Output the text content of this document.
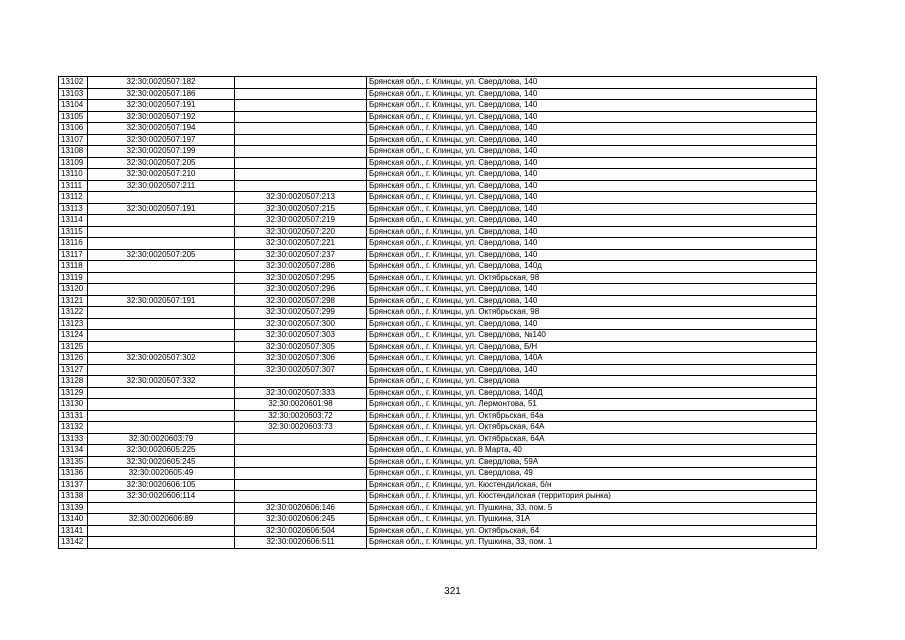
13102	32:30:0020507:182		Брянская обл., г. Клинцы, ул. Свердлова, 140
13103	32:30:0020507:186		Брянская обл., г. Клинцы, ул. Свердлова, 140
13104	32:30:0020507:191		Брянская обл., г. Клинцы, ул. Свердлова, 140
13105	32:30:0020507:192		Брянская обл., г. Клинцы, ул. Свердлова, 140
13106	32:30:0020507:194		Брянская обл., г. Клинцы, ул. Свердлова, 140
13107	32:30:0020507:197		Брянская обл., г. Клинцы, ул. Свердлова, 140
13108	32:30:0020507:199		Брянская обл., г. Клинцы, ул. Свердлова, 140
13109	32:30:0020507:205		Брянская обл., г. Клинцы, ул. Свердлова, 140
13110	32:30:0020507:210		Брянская обл., г. Клинцы, ул. Свердлова, 140
13111	32:30:0020507:211		Брянская обл., г. Клинцы, ул. Свердлова, 140
13112		32:30:0020507:213	Брянская обл., г. Клинцы, ул. Свердлова, 140
13113	32:30:0020507:191	32:30:0020507:215	Брянская обл., г. Клинцы, ул. Свердлова, 140
13114		32:30:0020507:219	Брянская обл., г. Клинцы, ул. Свердлова, 140
13115		32:30:0020507:220	Брянская обл., г. Клинцы, ул. Свердлова, 140
13116		32:30:0020507:221	Брянская обл., г. Клинцы, ул. Свердлова, 140
13117	32:30:0020507:205	32:30:0020507:237	Брянская обл., г. Клинцы, ул. Свердлова, 140
13118		32:30:0020507:286	Брянская обл., г. Клинцы, ул. Свердлова, 140д
13119		32:30:0020507:295	Брянская обл., г. Клинцы, ул. Октябрьская, 98
13120		32:30:0020507:296	Брянская обл., г. Клинцы, ул. Свердлова, 140
13121	32:30:0020507:191	32:30:0020507:298	Брянская обл., г. Клинцы, ул. Свердлова, 140
13122		32:30:0020507:299	Брянская обл., г. Клинцы, ул. Октябрьская, 98
13123		32:30:0020507:300	Брянская обл., г. Клинцы, ул. Свердлова, 140
13124		32:30:0020507:303	Брянская обл., г. Клинцы, ул. Свердлова, №140
13125		32:30:0020507:305	Брянская обл., г. Клинцы, ул. Свердлова, Б/Н
13126	32:30:0020507:302	32:30:0020507:306	Брянская обл., г. Клинцы, ул. Свердлова, 140А
13127		32:30:0020507:307	Брянская обл., г. Клинцы, ул. Свердлова, 140
13128	32:30:0020507:332		Брянская обл., г. Клинцы, ул. Свердлова
13129		32:30:0020507:333	Брянская обл., г. Клинцы, ул. Свердлова, 140Д
13130		32:30:0020601:98	Брянская обл., г. Клинцы, ул. Лермонтова, 51
13131		32:30:0020603:72	Брянская обл., г. Клинцы, ул. Октябрьская, 64а
13132		32:30:0020603:73	Брянская обл., г. Клинцы, ул. Октябрьская, 64А
13133	32:30:0020603:79		Брянская обл., г. Клинцы, ул. Октябрьская, 64А
13134	32:30:0020605:225		Брянская обл., г. Клинцы, ул. 8 Марта, 40
13135	32:30:0020605:245		Брянская обл., г. Клинцы, ул. Свердлова, 59А
13136	32:30:0020605:49		Брянская обл., г. Клинцы, ул. Свердлова, 49
13137	32:30:0020606:105		Брянская обл., г. Клинцы, ул. Кюстендилская, б/н
13138	32:30:0020606:114		Брянская обл., г. Клинцы, ул. Кюстендилская (территория рынка)
13139		32:30:0020606:146	Брянская обл., г. Клинцы, ул. Пушкина, 33, пом. 5
13140	32:30:0020606:89	32:30:0020606:245	Брянская обл., г. Клинцы, ул. Пушкина, 31А
13141		32:30:0020606:504	Брянская обл., г. Клинцы, ул. Октябрьская, 64
13142		32:30:0020606:511	Брянская обл., г. Клинцы, ул. Пушкина, 33, пом. 1
321
